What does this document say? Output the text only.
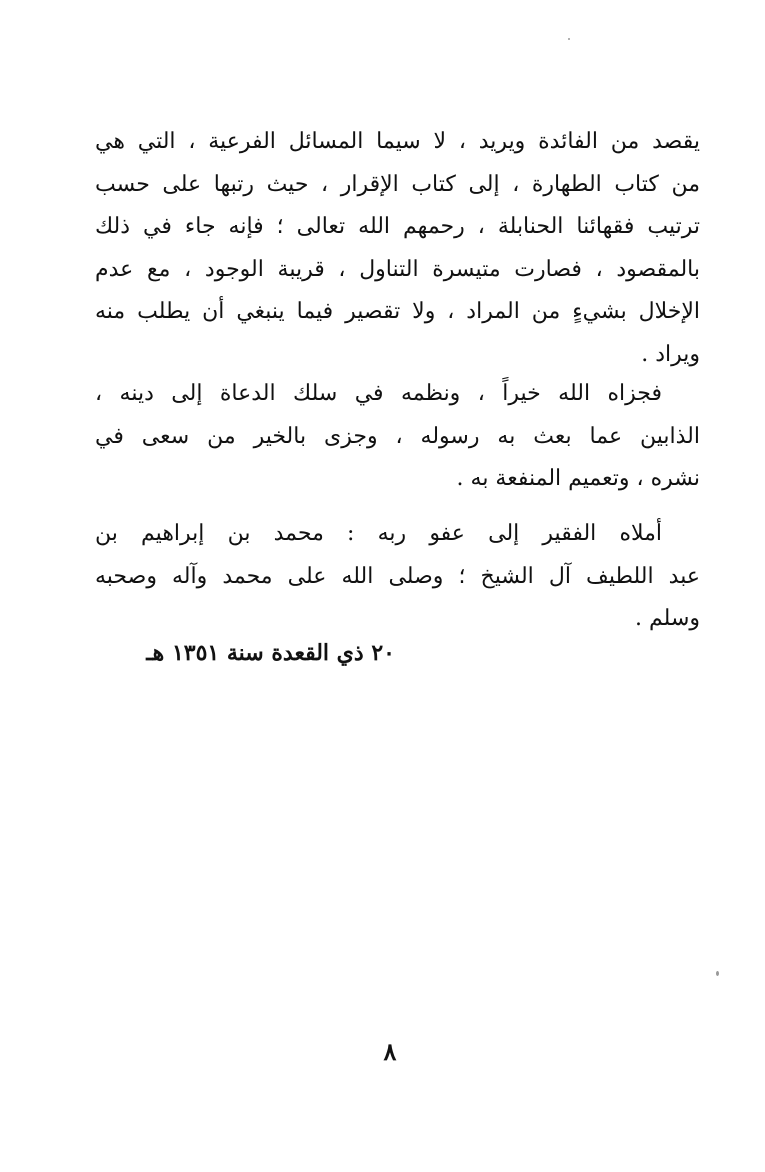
يقصد من الفائدة ويريد ، لا سيما المسائل الفرعية ، التي هي
من كتاب الطهارة ، إلى كتاب الإقرار ، حيث رتبها على حسب
ترتيب فقهائنا الحنابلة ، رحمهم الله تعالى ؛ فإنه جاء في ذلك
بالمقصود ، فصارت متيسرة التناول ، قريبة الوجود ، مع عدم
الإخلال بشيءٍ من المراد ، ولا تقصير فيما ينبغي أن يطلب منه
ويراد .
فجزاه الله خيراً ، ونظمه في سلك الدعاة إلى دينه ،
الذابين عما بعث به رسوله ، وجزى بالخير من سعى في
نشره ، وتعميم المنفعة به .
أملاه الفقير إلى عفو ربه : محمد بن إبراهيم بن
عبد اللطيف آل الشيخ ؛ وصلى الله على محمد وآله وصحبه
وسلم .
٢٠ ذي القعدة سنة ١٣٥١ هـ
٨
